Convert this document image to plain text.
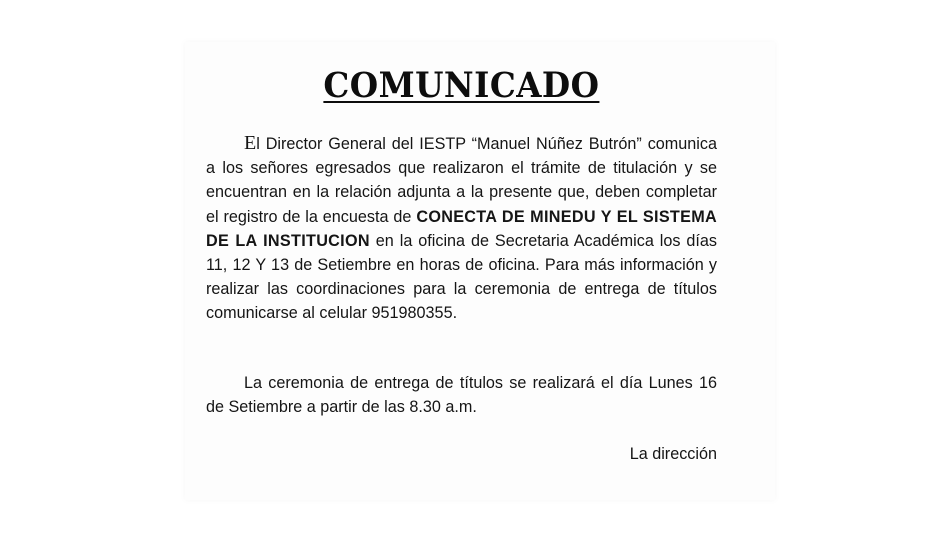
COMUNICADO

El Director General del IESTP “Manuel Núñez Butrón” comunica a los señores egresados que realizaron el trámite de titulación y se encuentran en la relación adjunta a la presente que, deben completar el registro de la encuesta de CONECTA DE MINEDU Y EL SISTEMA DE LA INSTITUCION en la oficina de Secretaria Académica los días 11, 12 Y 13 de Setiembre en horas de oficina. Para más información y realizar las coordinaciones para la ceremonia de entrega de títulos comunicarse al celular 951980355.

La ceremonia de entrega de títulos se realizará el día Lunes 16 de Setiembre a partir de las 8.30 a.m.

La dirección
